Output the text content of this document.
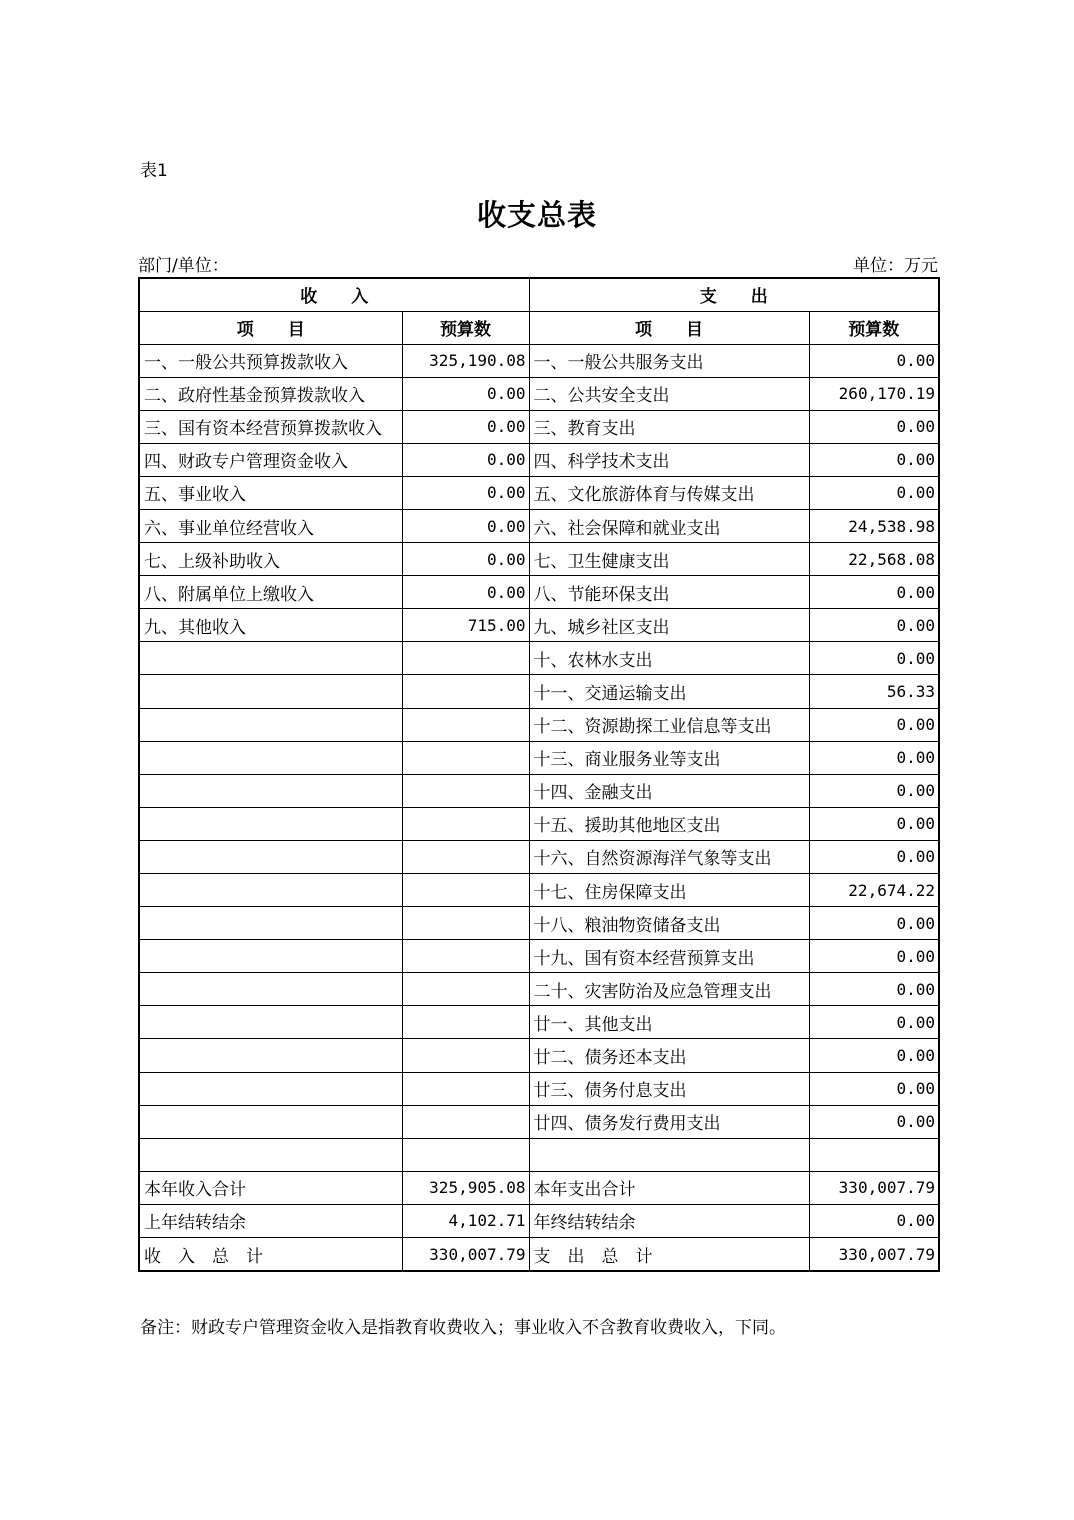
表1
收支总表
部门/单位：	单位：万元
收　　入		支　　出	
项　　目	预算数	项　　目	预算数
一、一般公共预算拨款收入	325,190.08	一、一般公共服务支出	0.00
二、政府性基金预算拨款收入	0.00	二、公共安全支出	260,170.19
三、国有资本经营预算拨款收入	0.00	三、教育支出	0.00
四、财政专户管理资金收入	0.00	四、科学技术支出	0.00
五、事业收入	0.00	五、文化旅游体育与传媒支出	0.00
六、事业单位经营收入	0.00	六、社会保障和就业支出	24,538.98
七、上级补助收入	0.00	七、卫生健康支出	22,568.08
八、附属单位上缴收入	0.00	八、节能环保支出	0.00
九、其他收入	715.00	九、城乡社区支出	0.00
		十、农林水支出	0.00
		十一、交通运输支出	56.33
		十二、资源勘探工业信息等支出	0.00
		十三、商业服务业等支出	0.00
		十四、金融支出	0.00
		十五、援助其他地区支出	0.00
		十六、自然资源海洋气象等支出	0.00
		十七、住房保障支出	22,674.22
		十八、粮油物资储备支出	0.00
		十九、国有资本经营预算支出	0.00
		二十、灾害防治及应急管理支出	0.00
		廿一、其他支出	0.00
		廿二、债务还本支出	0.00
		廿三、债务付息支出	0.00
		廿四、债务发行费用支出	0.00

本年收入合计	325,905.08	本年支出合计	330,007.79
上年结转结余	4,102.71	年终结转结余	0.00
收　入　总　计	330,007.79	支　出　总　计	330,007.79
备注：财政专户管理资金收入是指教育收费收入；事业收入不含教育收费收入，下同。
